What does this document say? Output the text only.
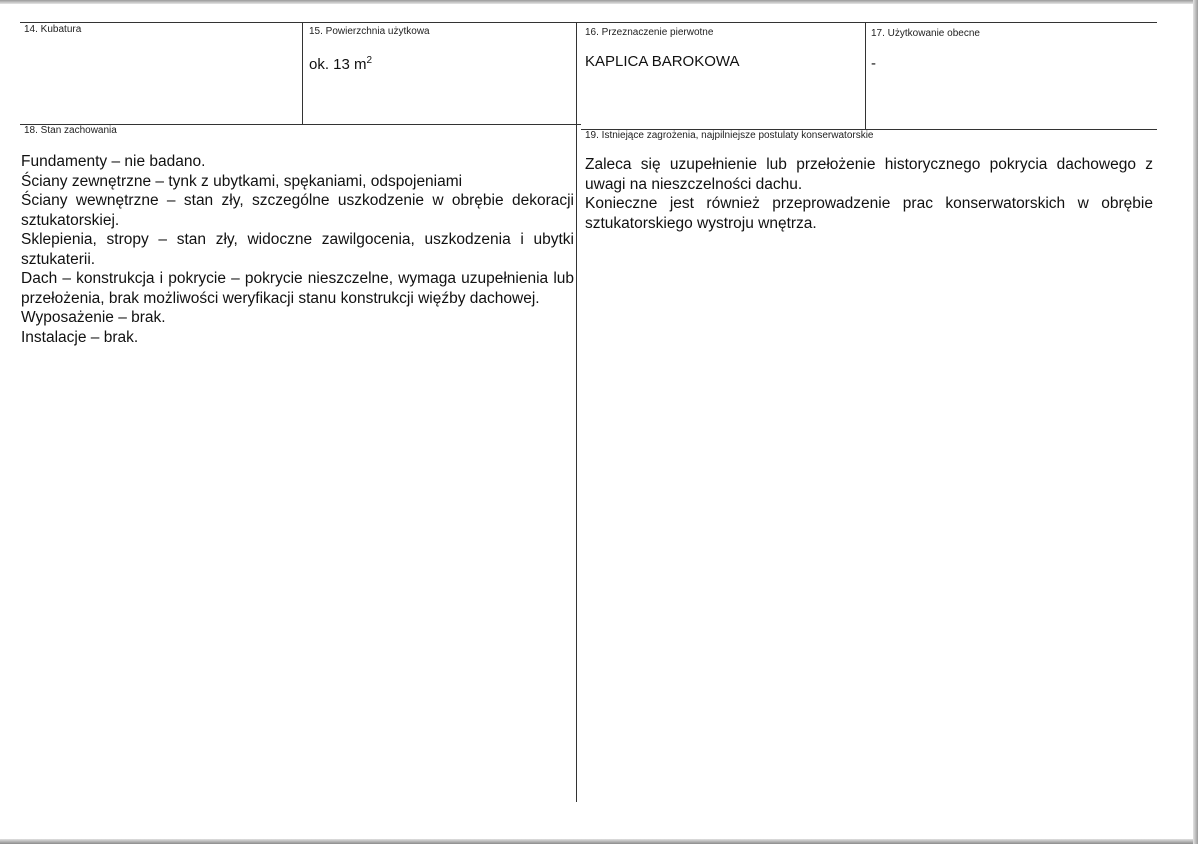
14. Kubatura	15. Powierzchnia użytkowa
ok. 13 $m^2$
16. Przeznaczenie pierwotne
KAPLICA BAROKOWA
17. Użytkowanie obecne
-
18. Stan zachowania

Fundamenty – nie badano.

Ściany zewnętrzne – tynk z ubytkami, spękaniami, odspojeniami

Ściany wewnętrzne – stan zły, szczególne uszkodzenie w obrębie dekoracji sztukatorskiej.

Sklepienia, stropy – stan zły, widoczne zawilgocenia, uszkodzenia i ubytki sztukaterii.

Dach – konstrukcja i pokrycie – pokrycie nieszczelne, wymaga uzupełnienia lub przełożenia, brak możliwości weryfikacji stanu konstrukcji więźby dachowej.

Wyposażenie – brak.

Instalacje – brak.

19. Istniejące zagrożenia, najpilniejsze postulaty konserwatorskie

Zaleca się uzupełnienie lub przełożenie historycznego pokrycia dachowego z uwagi na nieszczelności dachu.

Konieczne jest również przeprowadzenie prac konserwatorskich w obrębie sztukatorskiego wystroju wnętrza.
